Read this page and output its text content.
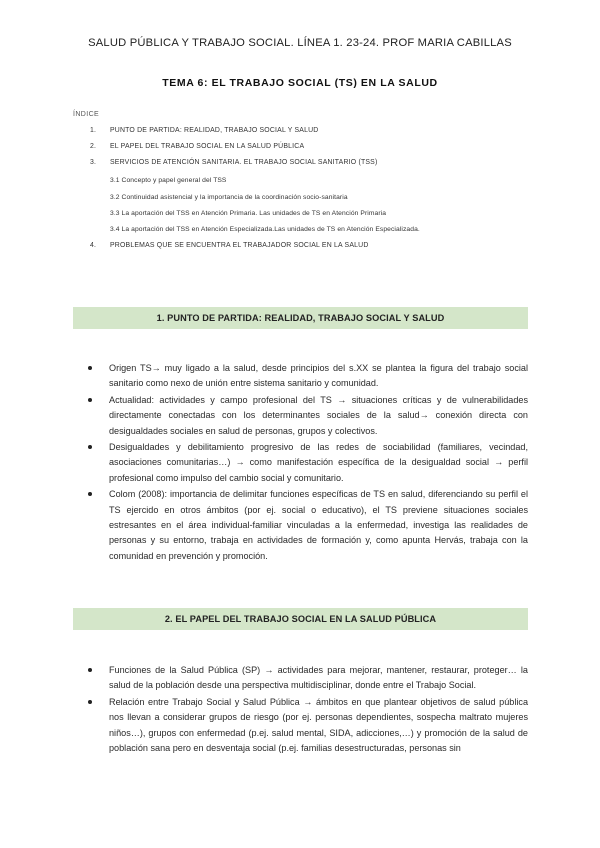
SALUD PÚBLICA Y TRABAJO SOCIAL. LÍNEA 1. 23-24. PROF MARIA CABILLAS
TEMA 6: EL TRABAJO SOCIAL (TS) EN LA SALUD
ÍNDICE
1. PUNTO DE PARTIDA: REALIDAD, TRABAJO SOCIAL Y SALUD
2. EL PAPEL DEL TRABAJO SOCIAL EN LA SALUD PÚBLICA
3. SERVICIOS DE ATENCIÓN SANITARIA. EL TRABAJO SOCIAL SANITARIO (TSS)
3.1 Concepto y papel general del TSS
3.2 Continuidad asistencial y la importancia de la coordinación socio-sanitaria
3.3 La aportación del TSS en Atención Primaria. Las unidades de TS en Atención Primaria
3.4 La aportación del TSS en Atención Especializada.Las unidades de TS en Atención Especializada.
4. PROBLEMAS QUE SE ENCUENTRA EL TRABAJADOR SOCIAL EN LA SALUD
1. PUNTO DE PARTIDA: REALIDAD, TRABAJO SOCIAL Y SALUD
Origen TS→ muy ligado a la salud, desde principios del s.XX se plantea la figura del trabajo social sanitario como nexo de unión entre sistema sanitario y comunidad.
Actualidad: actividades y campo profesional del TS → situaciones críticas y de vulnerabilidades directamente conectadas con los determinantes sociales de la salud→ conexión directa con desigualdades sociales en salud de personas, grupos y colectivos.
Desigualdades y debilitamiento progresivo de las redes de sociabilidad (familiares, vecindad, asociaciones comunitarias…) → como manifestación específica de la desigualdad social → perfil profesional como impulso del cambio social y comunitario.
Colom (2008): importancia de delimitar funciones específicas de TS en salud, diferenciando su perfil el TS ejercido en otros ámbitos (por ej. social o educativo), el TS previene situaciones sociales estresantes en el área individual-familiar vinculadas a la enfermedad, investiga las realidades de personas y su entorno, trabaja en actividades de formación y, como apunta Hervás, trabaja con la comunidad en prevención y promoción.
2. EL PAPEL DEL TRABAJO SOCIAL EN LA SALUD PÚBLICA
Funciones de la Salud Pública (SP) → actividades para mejorar, mantener, restaurar, proteger… la salud de la población desde una perspectiva multidisciplinar, donde entre el Trabajo Social.
Relación entre Trabajo Social y Salud Pública → ámbitos en que plantear objetivos de salud pública nos llevan a considerar grupos de riesgo (por ej. personas dependientes, sospecha maltrato mujeres niños…), grupos con enfermedad (p.ej. salud mental, SIDA, adicciones,…) y promoción de la salud de población sana pero en desventaja social (p.ej. familias desestructuradas, personas sin
